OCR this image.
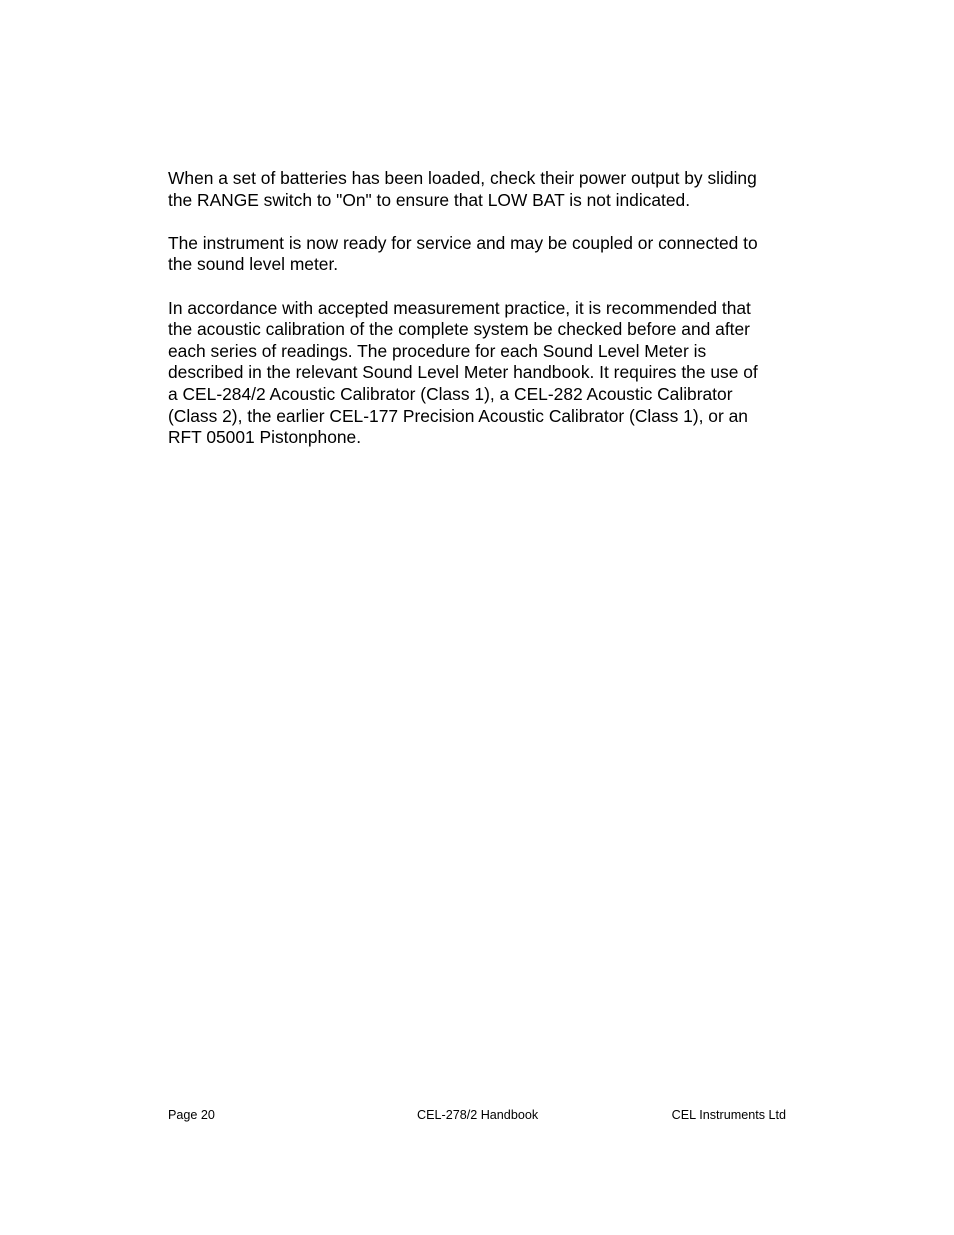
When a set of batteries has been loaded, check their power output by sliding
the RANGE switch to "On" to ensure that LOW BAT is not indicated.

The instrument is now ready for service and may be coupled or connected to
the sound level meter.

In accordance with accepted measurement practice, it is recommended that
the acoustic calibration of the complete system be checked before and after
each series of readings. The procedure for each Sound Level Meter is
described in the relevant Sound Level Meter handbook. It requires the use of
a CEL-284/2 Acoustic Calibrator (Class 1), a CEL-282 Acoustic Calibrator
(Class 2), the earlier CEL-177 Precision Acoustic Calibrator (Class 1), or an
RFT 05001 Pistonphone.

Page 20	CEL-278/2 Handbook	CEL Instruments Ltd
